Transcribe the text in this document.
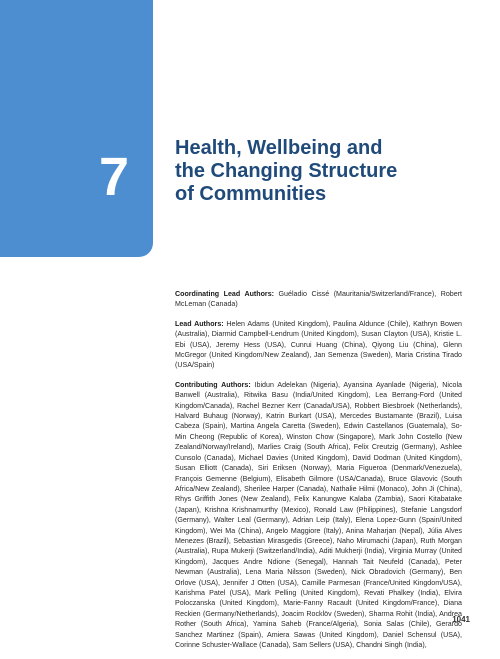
7	Health, Wellbeing and
the Changing Structure
of Communities

Coordinating Lead Authors: Guéladio Cissé (Mauritania/Switzerland/France), Robert McLeman (Canada)

Lead Authors: Helen Adams (United Kingdom), Paulina Aldunce (Chile), Kathryn Bowen (Australia), Diarmid Campbell-Lendrum (United Kingdom), Susan Clayton (USA), Kristie L. Ebi (USA), Jeremy Hess (USA), Cunrui Huang (China), Qiyong Liu (China), Glenn McGregor (United Kingdom/New Zealand), Jan Semenza (Sweden), Maria Cristina Tirado (USA/Spain)

Contributing Authors: Ibidun Adelekan (Nigeria), Ayansina Ayanlade (Nigeria), Nicola Banwell (Australia), Ritwika Basu (India/United Kingdom), Lea Berrang-Ford (United Kingdom/Canada), Rachel Bezner Kerr (Canada/USA), Robbert Biesbroek (Netherlands), Halvard Buhaug (Norway), Katrin Burkart (USA), Mercedes Bustamante (Brazil), Luisa Cabeza (Spain), Martina Angela Caretta (Sweden), Edwin Castellanos (Guatemala), So-Min Cheong (Republic of Korea), Winston Chow (Singapore), Mark John Costello (New Zealand/Norway/Ireland), Marlies Craig (South Africa), Felix Creutzig (Germany), Ashlee Cunsolo (Canada), Michael Davies (United Kingdom), David Dodman (United Kingdom), Susan Elliott (Canada), Siri Eriksen (Norway), Maria Figueroa (Denmark/Venezuela), François Gemenne (Belgium), Elisabeth Gilmore (USA/Canada), Bruce Glavovic (South Africa/New Zealand), Sherilee Harper (Canada), Nathalie Hilmi (Monaco), John Ji (China), Rhys Griffith Jones (New Zealand), Felix Kanungwe Kalaba (Zambia), Saori Kitabatake (Japan), Krishna Krishnamurthy (Mexico), Ronald Law (Philippines), Stefanie Langsdorf (Germany), Walter Leal (Germany), Adrian Leip (Italy), Elena Lopez-Gunn (Spain/United Kingdom), Wei Ma (China), Angelo Maggiore (Italy), Anina Maharjan (Nepal), Júlia Alves Menezes (Brazil), Sebastian Mirasgedis (Greece), Naho Mirumachi (Japan), Ruth Morgan (Australia), Rupa Mukerji (Switzerland/India), Aditi Mukherji (India), Virginia Murray (United Kingdom), Jacques Andre Ndione (Senegal), Hannah Tait Neufeld (Canada), Peter Newman (Australia), Lena Maria Nilsson (Sweden), Nick Obradovich (Germany), Ben Orlove (USA), Jennifer J Otten (USA), Camille Parmesan (France/United Kingdom/USA), Karishma Patel (USA), Mark Pelling (United Kingdom), Revati Phalkey (India), Elvira Poloczanska (United Kingdom), Marie-Fanny Racault (United Kingdom/France), Diana Reckien (Germany/Netherlands), Joacim Rocklöv (Sweden), Sharma Rohit (India), Andrea Rother (South Africa), Yamina Saheb (France/Algeria), Sonia Salas (Chile), Gerardo Sanchez Martinez (Spain), Amiera Sawas (United Kingdom), Daniel Schensul (USA), Corinne Schuster-Wallace (Canada), Sam Sellers (USA), Chandni Singh (India),

1041
